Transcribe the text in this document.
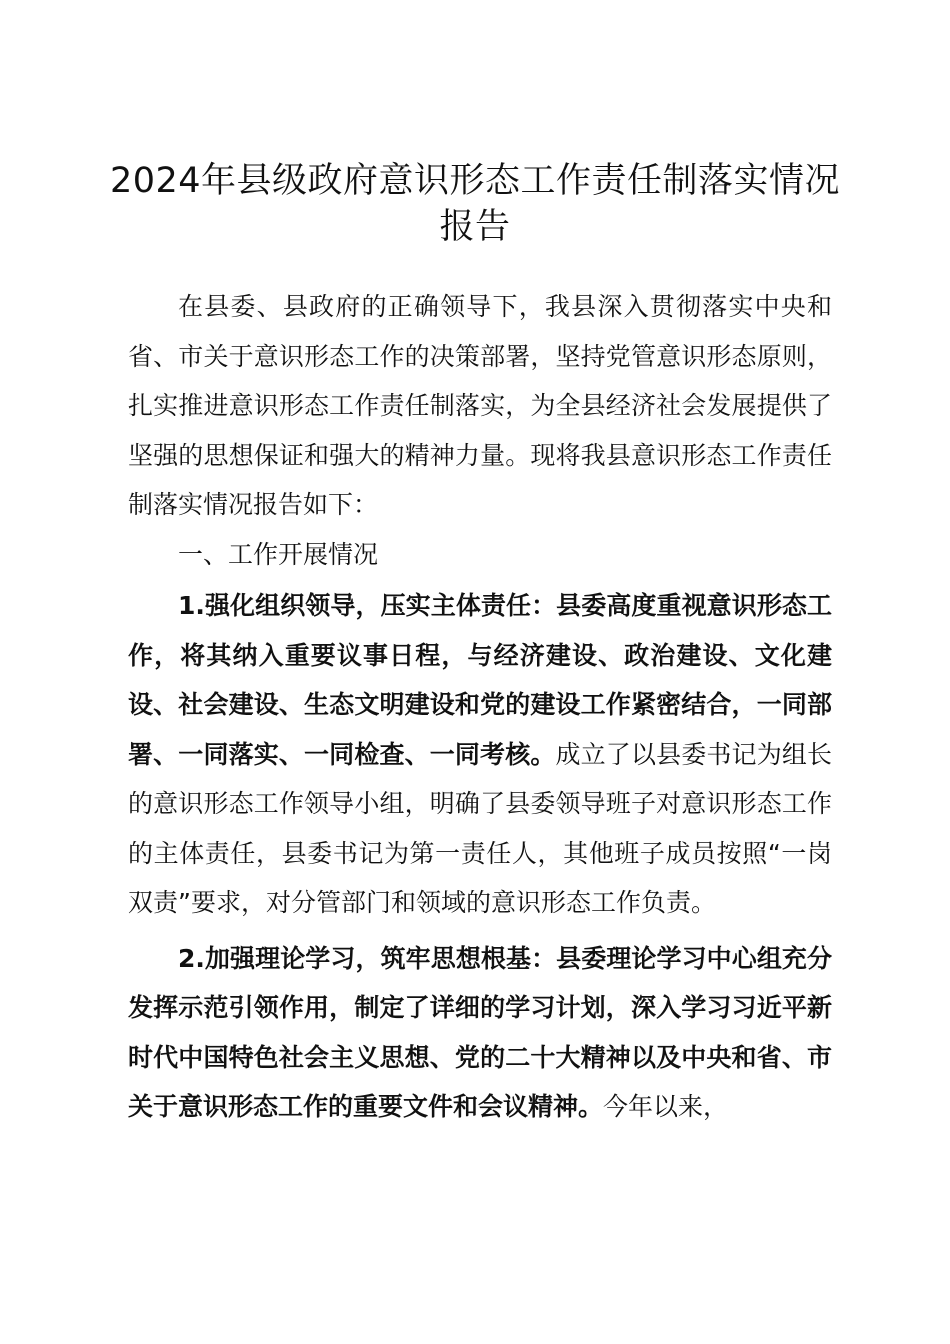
2024年县级政府意识形态工作责任制落实情况报告

在县委、县政府的正确领导下，我县深入贯彻落实中央和省、市关于意识形态工作的决策部署，坚持党管意识形态原则，扎实推进意识形态工作责任制落实，为全县经济社会发展提供了坚强的思想保证和强大的精神力量。现将我县意识形态工作责任制落实情况报告如下：

一、工作开展情况

1.强化组织领导，压实主体责任：县委高度重视意识形态工作，将其纳入重要议事日程，与经济建设、政治建设、文化建设、社会建设、生态文明建设和党的建设工作紧密结合，一同部署、一同落实、一同检查、一同考核。成立了以县委书记为组长的意识形态工作领导小组，明确了县委领导班子对意识形态工作的主体责任，县委书记为第一责任人，其他班子成员按照“一岗双责”要求，对分管部门和领域的意识形态工作负责。

2.加强理论学习，筑牢思想根基：县委理论学习中心组充分发挥示范引领作用，制定了详细的学习计划，深入学习习近平新时代中国特色社会主义思想、党的二十大精神以及中央和省、市关于意识形态工作的重要文件和会议精神。今年以来，
